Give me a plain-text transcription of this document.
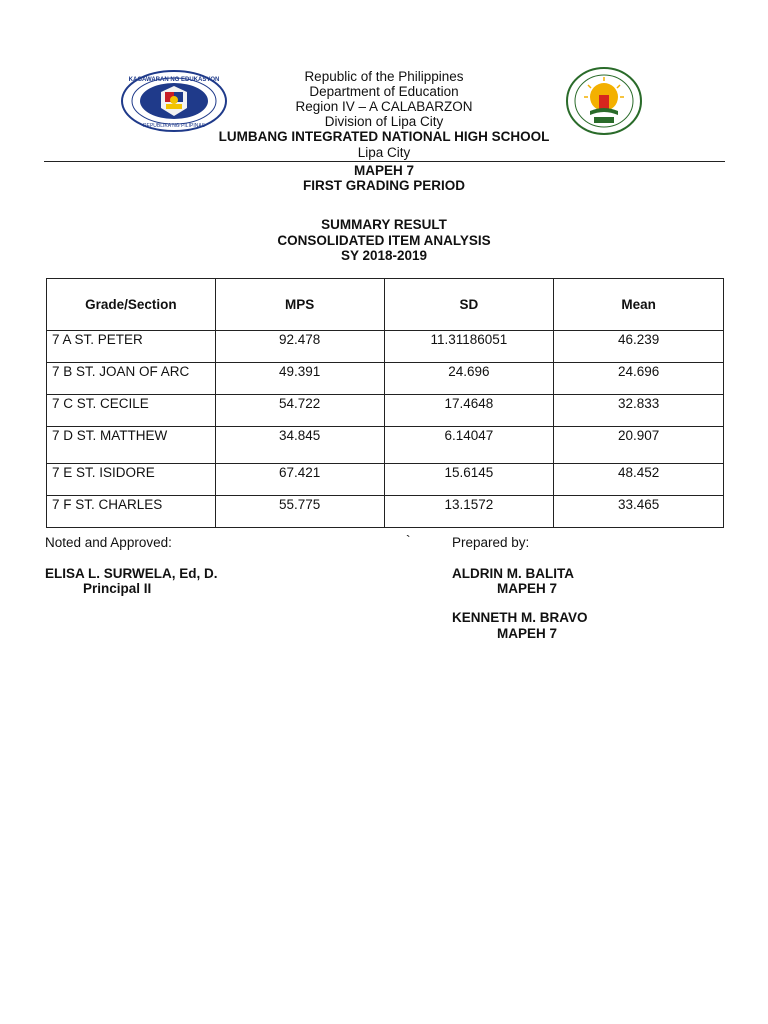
KAGAWARAN NG EDUKASYON
REPUBLIKA NG PILIPINAS
Republic of the Philippines
Department of Education
Region IV – A CALABARZON
Division of Lipa City
LUMBANG INTEGRATED NATIONAL HIGH SCHOOL
Lipa City
MAPEH 7
FIRST GRADING PERIOD
SUMMARY RESULT
CONSOLIDATED ITEM ANALYSIS
SY 2018-2019
Grade/Section	MPS	SD	Mean
7 A ST. PETER	92.478	11.31186051	46.239
7 B ST. JOAN OF ARC	49.391	24.696	24.696
7 C ST. CECILE	54.722	17.4648	32.833
7 D ST. MATTHEW	34.845	6.14047	20.907
7 E ST. ISIDORE	67.421	15.6145	48.452
7 F ST. CHARLES	55.775	13.1572	33.465
Noted and Approved:	`	Prepared by:
ELISA L. SURWELA, Ed, D.
Principal II
ALDRIN M. BALITA
MAPEH 7
KENNETH M. BRAVO
MAPEH 7
